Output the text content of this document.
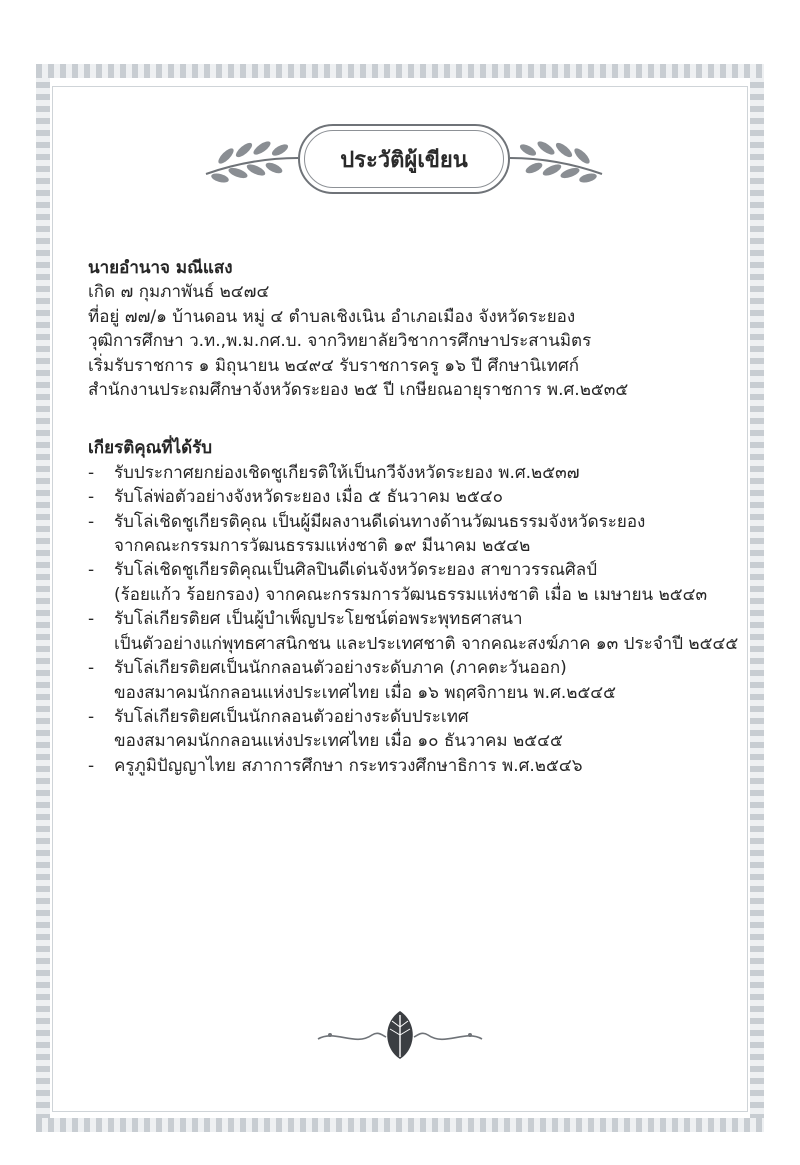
ประวัติผู้เขียน
นายอำนาจ มณีแสง
เกิด ๗ กุมภาพันธ์ ๒๔๗๔
ที่อยู่ ๗๗/๑ บ้านดอน หมู่ ๔ ตำบลเชิงเนิน อำเภอเมือง จังหวัดระยอง
วุฒิการศึกษา ว.ท.,พ.ม.กศ.บ. จากวิทยาลัยวิชาการศึกษาประสานมิตร
เริ่มรับราชการ ๑ มิถุนายน ๒๔๙๔ รับราชการครู ๑๖ ปี ศึกษานิเทศก์
สำนักงานประถมศึกษาจังหวัดระยอง ๒๕ ปี เกษียณอายุราชการ พ.ศ.๒๕๓๕
เกียรติคุณที่ได้รับ
- รับประกาศยกย่องเชิดชูเกียรติให้เป็นกวีจังหวัดระยอง พ.ศ.๒๕๓๗
- รับโล่พ่อตัวอย่างจังหวัดระยอง เมื่อ ๕ ธันวาคม ๒๕๔๐
- รับโล่เชิดชูเกียรติคุณ เป็นผู้มีผลงานดีเด่นทางด้านวัฒนธรรมจังหวัดระยอง
จากคณะกรรมการวัฒนธรรมแห่งชาติ ๑๙ มีนาคม ๒๕๔๒
- รับโล่เชิดชูเกียรติคุณเป็นศิลปินดีเด่นจังหวัดระยอง สาขาวรรณศิลป์
(ร้อยแก้ว ร้อยกรอง) จากคณะกรรมการวัฒนธรรมแห่งชาติ เมื่อ ๒ เมษายน ๒๕๔๓
- รับโล่เกียรติยศ เป็นผู้บำเพ็ญประโยชน์ต่อพระพุทธศาสนา
เป็นตัวอย่างแก่พุทธศาสนิกชน และประเทศชาติ จากคณะสงฆ์ภาค ๑๓ ประจำปี ๒๕๔๕
- รับโล่เกียรติยศเป็นนักกลอนตัวอย่างระดับภาค (ภาคตะวันออก)
ของสมาคมนักกลอนแห่งประเทศไทย เมื่อ ๑๖ พฤศจิกายน พ.ศ.๒๕๔๕
- รับโล่เกียรติยศเป็นนักกลอนตัวอย่างระดับประเทศ
ของสมาคมนักกลอนแห่งประเทศไทย เมื่อ ๑๐ ธันวาคม ๒๕๔๕
- ครูภูมิปัญญาไทย สภาการศึกษา กระทรวงศึกษาธิการ พ.ศ.๒๕๔๖
